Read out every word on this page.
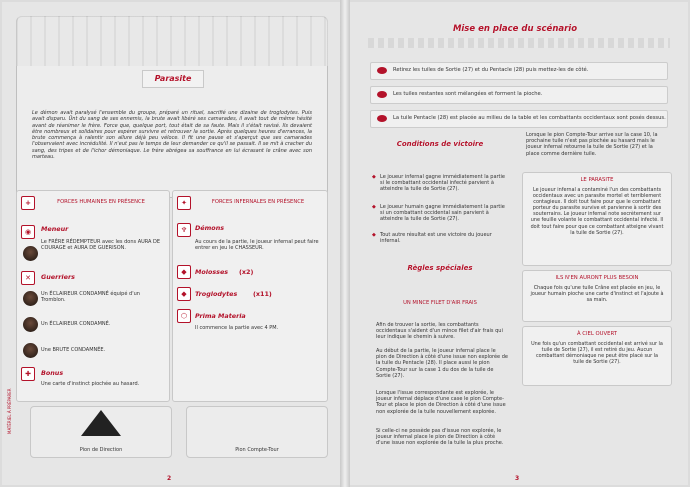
Parasite
Le démon avait paralysé l'ensemble du groupe, préparé un rituel, sacrifié une dizaine de troglodytes. Puis avait disparu. Ünt du sang de ses ennemis, la brute avait libéré ses camarades, il avait tout de même hésité avant de réanimer le frère. Force que, quelque port, tout était de sa faute. Mais il s'était ravisé. Ils devaient être nombreux et solidaires pour espérer survivre et retrouver la sortie. Après quelques heures d'errances, la brute commença à ralentir son allure déjà peu véloce. Il fit une pause et s'aperçut que ses camarades l'observaient avec incrédulité. Il n'eut pas le temps de leur demander ce qu'il se passait. Il se mit à cracher du sang, des tripes et de l'ichor démoniaque. Le frère abrégea sa souffrance en lui écrasant le crâne avec son marteau.
+	FORCES HUMAINES EN PRÉSENCE
◉	Meneur
Le FRÈRE RÉDEMPTEUR avec les dons AURA DE COURAGE et AURA DE GUERISON.
✕	Guerriers
Un ÉCLAIREUR CONDAMNÉ équipé d'un Tromblon.
Un ÉCLAIREUR CONDAMNÉ.
Une BRUTE CONDAMNÉE.
✚	Bonus
Une carte d'instinct piochée au hasard.
✦	FORCES INFERNALES EN PRÉSENCE
♆	Démons
Au cours de la partie, le joueur infernal peut faire entrer en jeu le CHASSEUR.
◆	Molosses (x2)
◆	Troglodytes (x11)
⬡	Prima Materia
Il commence la partie avec 4 PM.
MATÉRIEL À PRÉPARER
Pion de Direction	Pion Compte-Tour
2
Mise en place du scénario
Retirez les tuiles de Sortie (27) et du Pentacle (28) puis mettez-les de côté.
Les tuiles restantes sont mélangées et forment la pioche.
La tuile Pentacle (28) est placée au milieu de la table et les combattants occidentaux sont posés dessus.
Conditions de victoire
◆ Le joueur infernal gagne immédiatement la partie si le combattant occidental infecté parvient à atteindre la tuile de Sortie (27).
◆ Le joueur humain gagne immédiatement la partie si un combattant occidental sain parvient à atteindre la tuile de Sortie (27).
◆ Tout autre résultat est une victoire du joueur infernal.
Règles spéciales
UN MINCE FILET D'AIR FRAIS
Afin de trouver la sortie, les combattants occidentaux s'aident d'un mince filet d'air frais qui leur indique le chemin à suivre.
Au début de la partie, le joueur infernal place le pion de Direction à côté d'une issue non explorée de la tuile du Pentacle (28). Il place aussi le pion Compte-Tour sur la case 1 du dos de la tuile de Sortie (27).
Lorsque l'issue correspondante est explorée, le joueur infernal déplace d'une case le pion Compte-Tour et place le pion de Direction à côté d'une issue non explorée de la tuile nouvellement explorée.
Si celle-ci ne possède pas d'issue non explorée, le joueur infernal place le pion de Direction à côté d'une issue non explorée de la tuile la plus proche.
Lorsque le pion Compte-Tour arrive sur la case 10, la prochaine tuile n'est pas piochée au hasard mais le joueur infernal retourne la tuile de Sortie (27) et la place comme dernière tuile.
LE PARASITE
Le joueur infernal a contaminé l'un des combattants occidentaux avec un parasite mortel et terriblement contagieux. Il doit tout faire pour que le combattant porteur du parasite survive et parvienne à sortir des souterrains. Le joueur infernal note secrètement sur une feuille volante le combattant occidental infecté. Il doit tout faire pour que ce combattant atteigne vivant la tuile de Sortie (27).
ILS N'EN AURONT PLUS BESOIN
Chaque fois qu'une tuile Crâne est placée en jeu, le joueur humain pioche une carte d'instinct et l'ajoute à sa main.
À CIEL OUVERT
Une fois qu'un combattant occidental est arrivé sur la tuile de Sortie (27), il est retiré du jeu. Aucun combattant démoniaque ne peut être placé sur la tuile de Sortie (27).
3
